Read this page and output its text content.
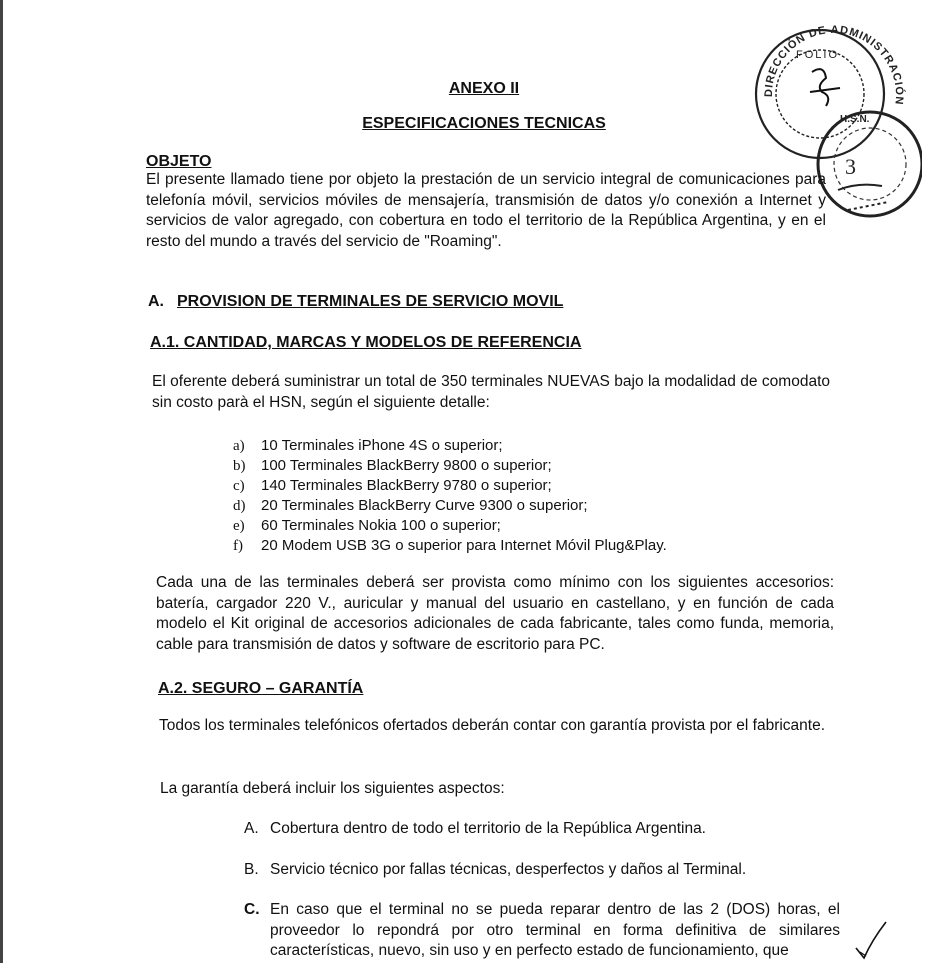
DIRECCIÓN DE ADMINISTRACIÓN
FOLIO
H.S.N.
3
ANEXO II
ESPECIFICACIONES TECNICAS
OBJETO
El presente llamado tiene por objeto la prestación de un servicio integral de comunicaciones para telefonía móvil, servicios móviles de mensajería, transmisión de datos y/o conexión a Internet y servicios de valor agregado, con cobertura en todo el territorio de la República Argentina, y en el resto del mundo a través del servicio de "Roaming".
A. PROVISION DE TERMINALES DE SERVICIO MOVIL
A.1. CANTIDAD, MARCAS Y MODELOS DE REFERENCIA
El oferente deberá suministrar un total de 350 terminales NUEVAS bajo la modalidad de comodato sin costo parà el HSN, según el siguiente detalle:
a) 10 Terminales iPhone 4S o superior;
b) 100 Terminales BlackBerry 9800 o superior;
c) 140 Terminales BlackBerry 9780 o superior;
d) 20 Terminales BlackBerry Curve 9300 o superior;
e) 60 Terminales Nokia 100 o superior;
f) 20 Modem USB 3G o superior para Internet Móvil Plug&Play.
Cada una de las terminales deberá ser provista como mínimo con los siguientes accesorios: batería, cargador 220 V., auricular y manual del usuario en castellano, y en función de cada modelo el Kit original de accesorios adicionales de cada fabricante, tales como funda, memoria, cable para transmisión de datos y software de escritorio para PC.
A.2. SEGURO – GARANTÍA
Todos los terminales telefónicos ofertados deberán contar con garantía provista por el fabricante.
La garantía deberá incluir los siguientes aspectos:
A. Cobertura dentro de todo el territorio de la República Argentina.
B. Servicio técnico por fallas técnicas, desperfectos y daños al Terminal.
C. En caso que el terminal no se pueda reparar dentro de las 2 (DOS) horas, el proveedor lo repondrá por otro terminal en forma definitiva de similares características, nuevo, sin uso y en perfecto estado de funcionamiento, que
